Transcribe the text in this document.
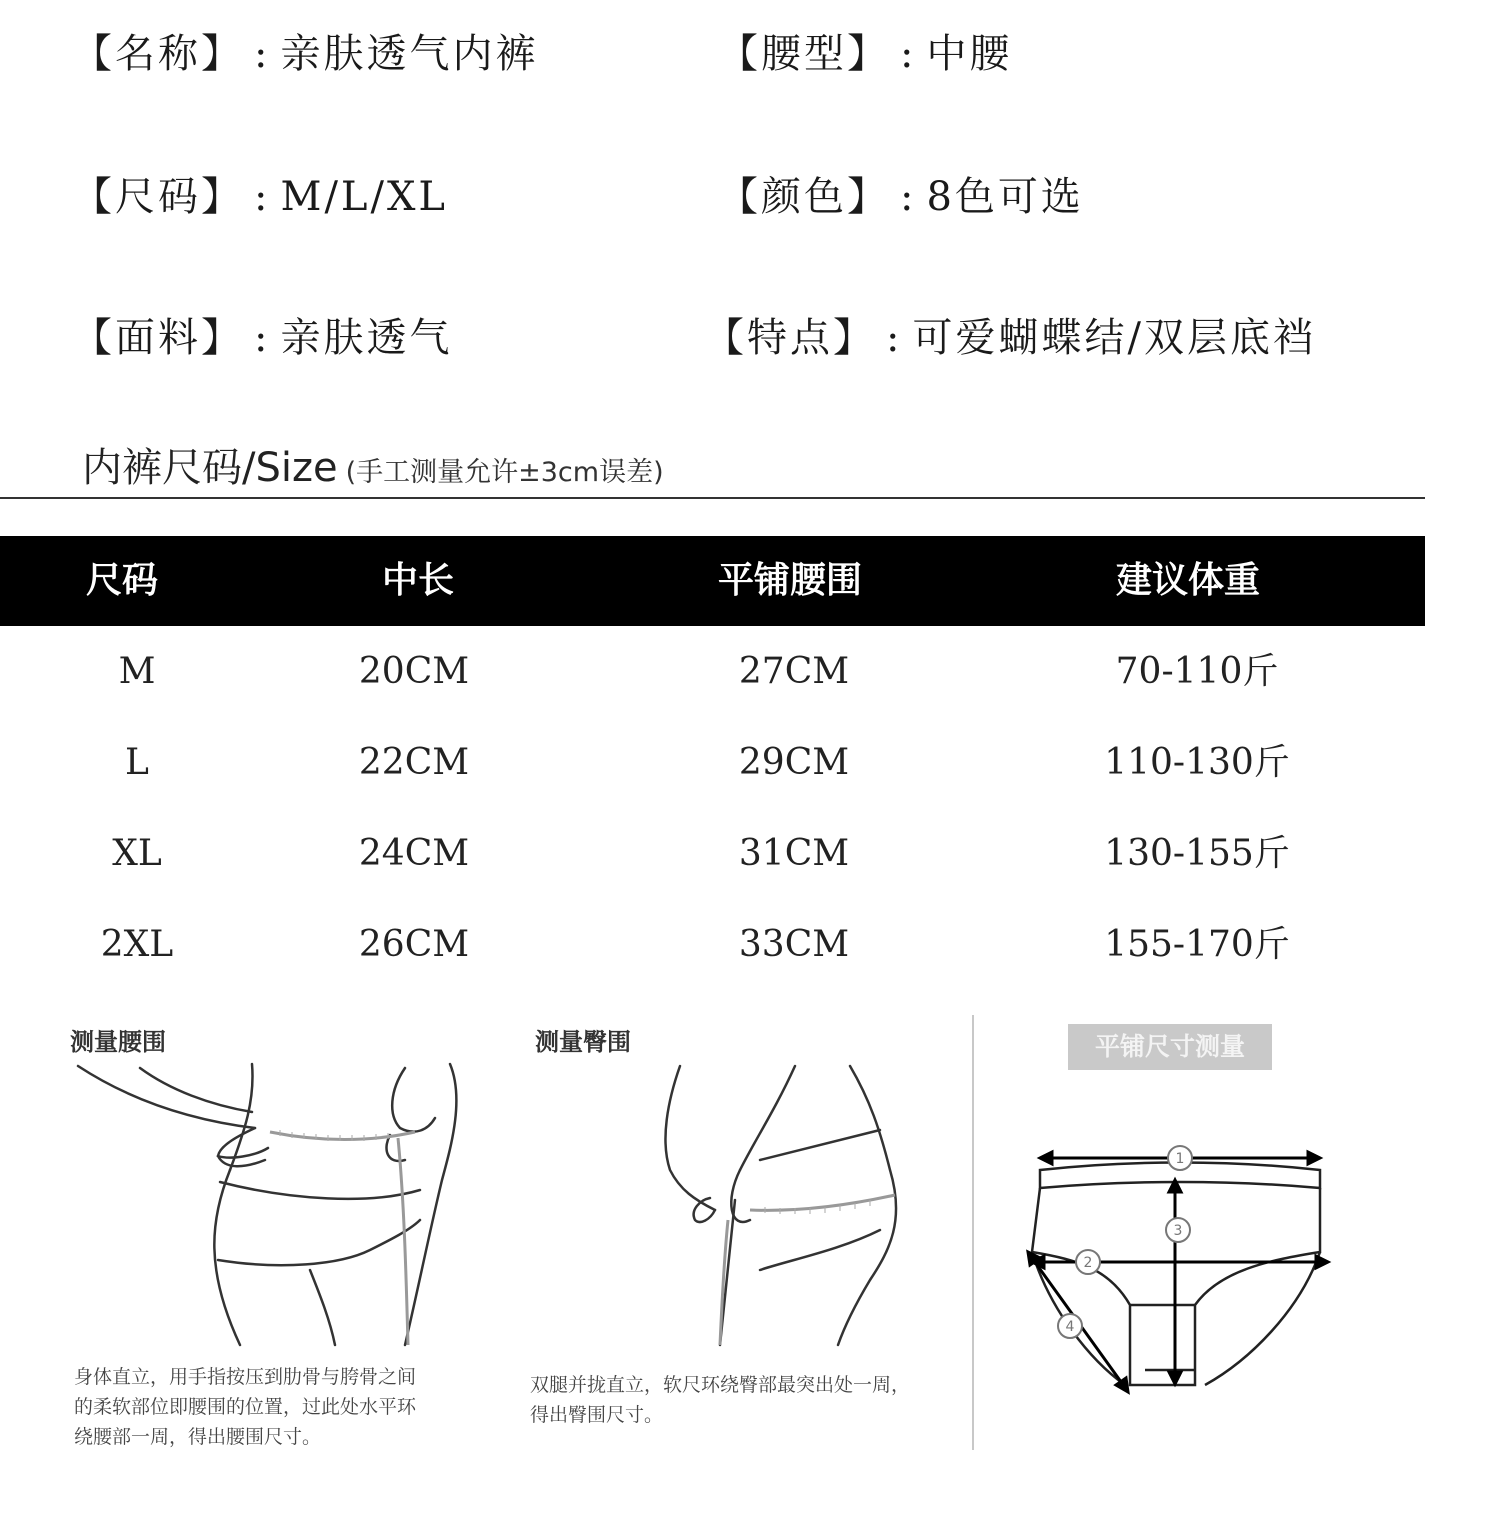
【 名称 】 : 亲肤透气内裤	【 腰型 】 : 中腰
【 尺码 】 : M/L/XL	【 颜色 】 : 8色可选
【 面料 】 : 亲肤透气	【 特点 】 : 可爱蝴蝶结/双层底裆
内裤尺码/Size (手工测量允许±3cm误差)
尺码	中长	平铺腰围	建议体重
M	20CM	27CM	70-110斤
L	22CM	29CM	110-130斤
XL	24CM	31CM	130-155斤
2XL	26CM	33CM	155-170斤
测量腰围
身体直立，用手指按压到肋骨与胯骨之间
的柔软部位即腰围的位置，过此处水平环
绕腰部一周，得出腰围尺寸。
测量臀围
双腿并拢直立，软尺环绕臀部最突出处一周，
得出臀围尺寸。
平铺尺寸测量
1
2
3
4
